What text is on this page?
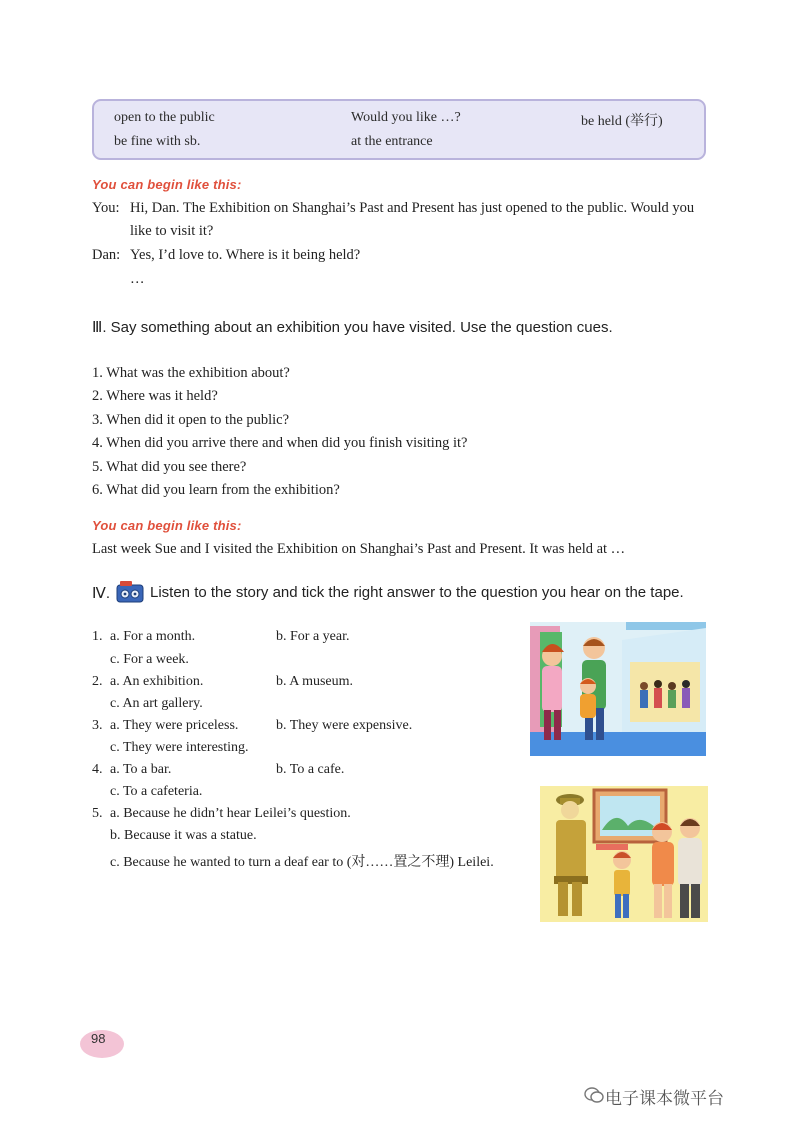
open to the public	Would you like …?	be held (举行)
be fine with sb.	at the entrance
You can begin like this:
You: Hi, Dan. The Exhibition on Shanghai’s Past and Present has just opened to the public. Would you
like to visit it?
Dan: Yes, I’d love to. Where is it being held?
…
Ⅲ. Say something about an exhibition you have visited. Use the question cues.
1. What was the exhibition about?
2. Where was it held?
3. When did it open to the public?
4. When did you arrive there and when did you finish visiting it?
5. What did you see there?
6. What did you learn from the exhibition?
You can begin like this:
Last week Sue and I visited the Exhibition on Shanghai’s Past and Present. It was held at …
Ⅳ.	Listen to the story and tick the right answer to the question you hear on the tape.
1. a. For a month.	b. For a year.
c. For a week.
2. a. An exhibition.	b. A museum.
c. An art gallery.
3. a. They were priceless.	b. They were expensive.
c. They were interesting.
4. a. To a bar.	b. To a cafe.
c. To a cafeteria.
5. a. Because he didn’t hear Leilei’s question.
b. Because it was a statue.
c. Because he wanted to turn a deaf ear to (对……置之不理) Leilei.
98
电子课本微平台
